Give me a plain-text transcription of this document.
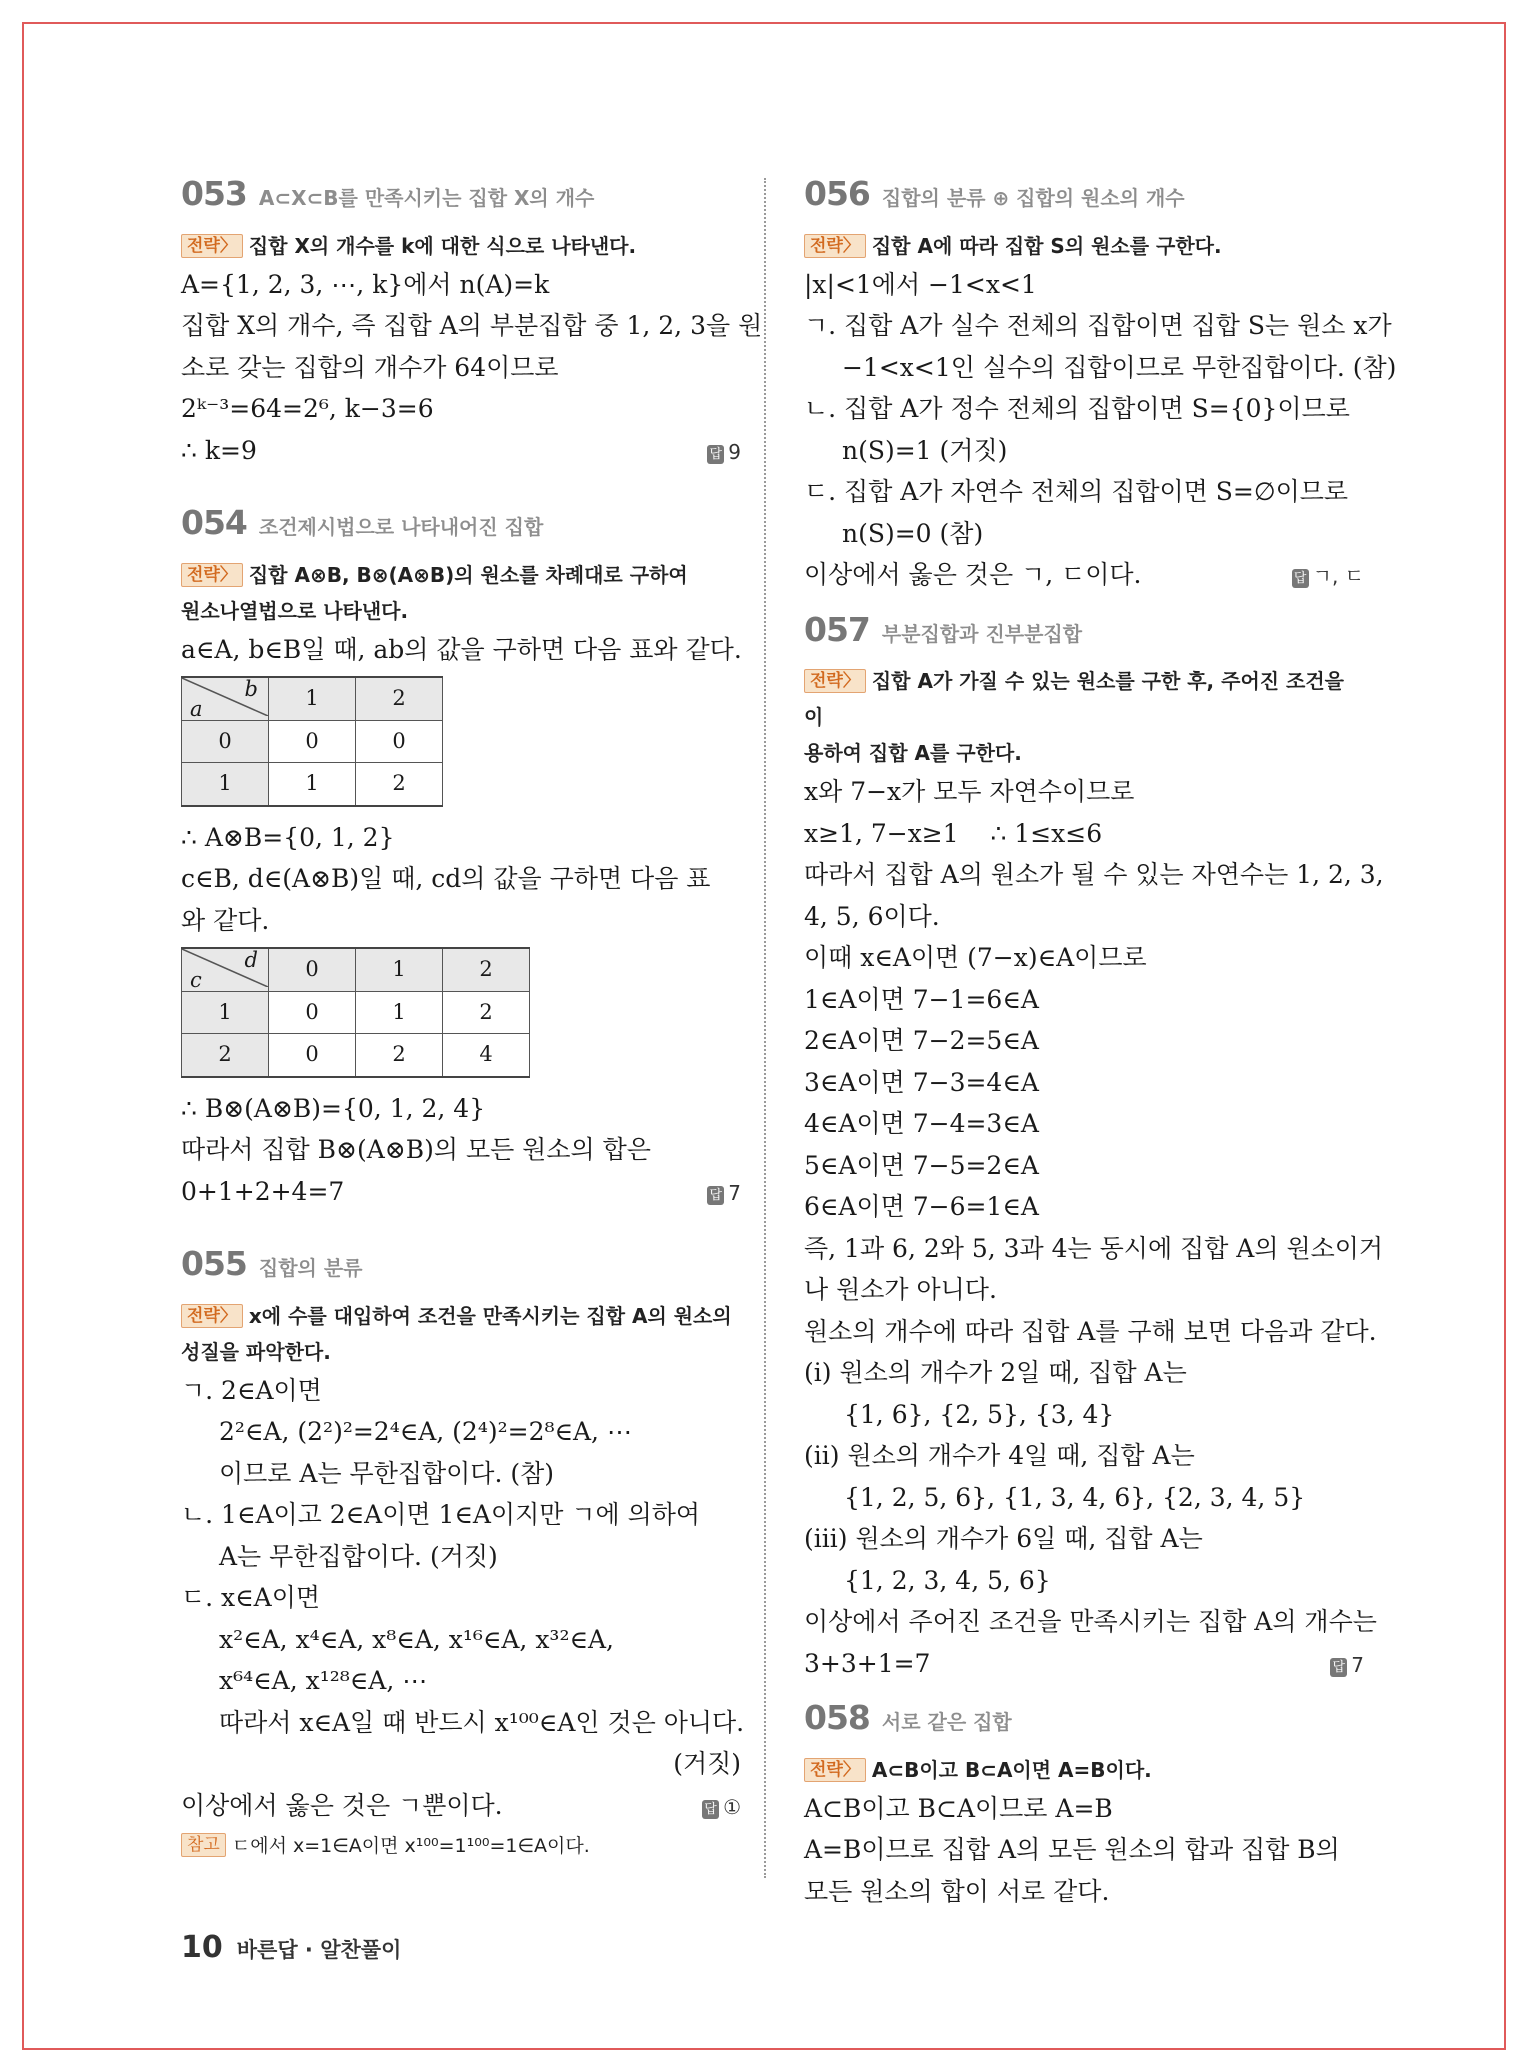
053 A⊂X⊂B를 만족시키는 집합 X의 개수
전략〉 집합 X의 개수를 k에 대한 식으로 나타낸다.
A={1, 2, 3, ⋯, k}에서 n(A)=k
집합 X의 개수, 즉 집합 A의 부분집합 중 1, 2, 3을 원
소로 갖는 집합의 개수가 64이므로
2ᵏ⁻³=64=2⁶, k−3=6
∴ k=9	답 9
054 조건제시법으로 나타내어진 집합
전략〉 집합 A⊗B, B⊗(A⊗B)의 원소를 차례대로 구하여
원소나열법으로 나타낸다.
a∈A, b∈B일 때, ab의 값을 구하면 다음 표와 같다.
b
a	1	2
0	0	0
1	1	2
∴ A⊗B={0, 1, 2}
c∈B, d∈(A⊗B)일 때, cd의 값을 구하면 다음 표
와 같다.
d
c	0	1	2
1	0	1	2
2	0	2	4
∴ B⊗(A⊗B)={0, 1, 2, 4}
따라서 집합 B⊗(A⊗B)의 모든 원소의 합은
0+1+2+4=7	답 7
055 집합의 분류
전략〉 x에 수를 대입하여 조건을 만족시키는 집합 A의 원소의
성질을 파악한다.
ㄱ. 2∈A이면
2²∈A, (2²)²=2⁴∈A, (2⁴)²=2⁸∈A, ⋯
이므로 A는 무한집합이다. (참)
ㄴ. 1∈A이고 2∈A이면 1∈A이지만 ㄱ에 의하여
A는 무한집합이다. (거짓)
ㄷ. x∈A이면
x²∈A, x⁴∈A, x⁸∈A, x¹⁶∈A, x³²∈A,
x⁶⁴∈A, x¹²⁸∈A, ⋯
따라서 x∈A일 때 반드시 x¹⁰⁰∈A인 것은 아니다.
(거짓)
이상에서 옳은 것은 ㄱ뿐이다.	답 ①
참고 ㄷ에서 x=1∈A이면 x¹⁰⁰=1¹⁰⁰=1∈A이다.
056 집합의 분류 ⊕ 집합의 원소의 개수
전략〉 집합 A에 따라 집합 S의 원소를 구한다.
|x|<1에서 −1<x<1
ㄱ. 집합 A가 실수 전체의 집합이면 집합 S는 원소 x가
−1<x<1인 실수의 집합이므로 무한집합이다. (참)
ㄴ. 집합 A가 정수 전체의 집합이면 S={0}이므로
n(S)=1 (거짓)
ㄷ. 집합 A가 자연수 전체의 집합이면 S=∅이므로
n(S)=0 (참)
이상에서 옳은 것은 ㄱ, ㄷ이다.	답 ㄱ, ㄷ
057 부분집합과 진부분집합
전략〉 집합 A가 가질 수 있는 원소를 구한 후, 주어진 조건을 이
용하여 집합 A를 구한다.
x와 7−x가 모두 자연수이므로
x≥1, 7−x≥1    ∴ 1≤x≤6
따라서 집합 A의 원소가 될 수 있는 자연수는 1, 2, 3,
4, 5, 6이다.
이때 x∈A이면 (7−x)∈A이므로
1∈A이면 7−1=6∈A
2∈A이면 7−2=5∈A
3∈A이면 7−3=4∈A
4∈A이면 7−4=3∈A
5∈A이면 7−5=2∈A
6∈A이면 7−6=1∈A
즉, 1과 6, 2와 5, 3과 4는 동시에 집합 A의 원소이거
나 원소가 아니다.
원소의 개수에 따라 집합 A를 구해 보면 다음과 같다.
(ⅰ) 원소의 개수가 2일 때, 집합 A는
{1, 6}, {2, 5}, {3, 4}
(ⅱ) 원소의 개수가 4일 때, 집합 A는
{1, 2, 5, 6}, {1, 3, 4, 6}, {2, 3, 4, 5}
(ⅲ) 원소의 개수가 6일 때, 집합 A는
{1, 2, 3, 4, 5, 6}
이상에서 주어진 조건을 만족시키는 집합 A의 개수는
3+3+1=7	답 7
058 서로 같은 집합
전략〉 A⊂B이고 B⊂A이면 A=B이다.
A⊂B이고 B⊂A이므로 A=B
A=B이므로 집합 A의 모든 원소의 합과 집합 B의
모든 원소의 합이 서로 같다.
10 바른답 · 알찬풀이
